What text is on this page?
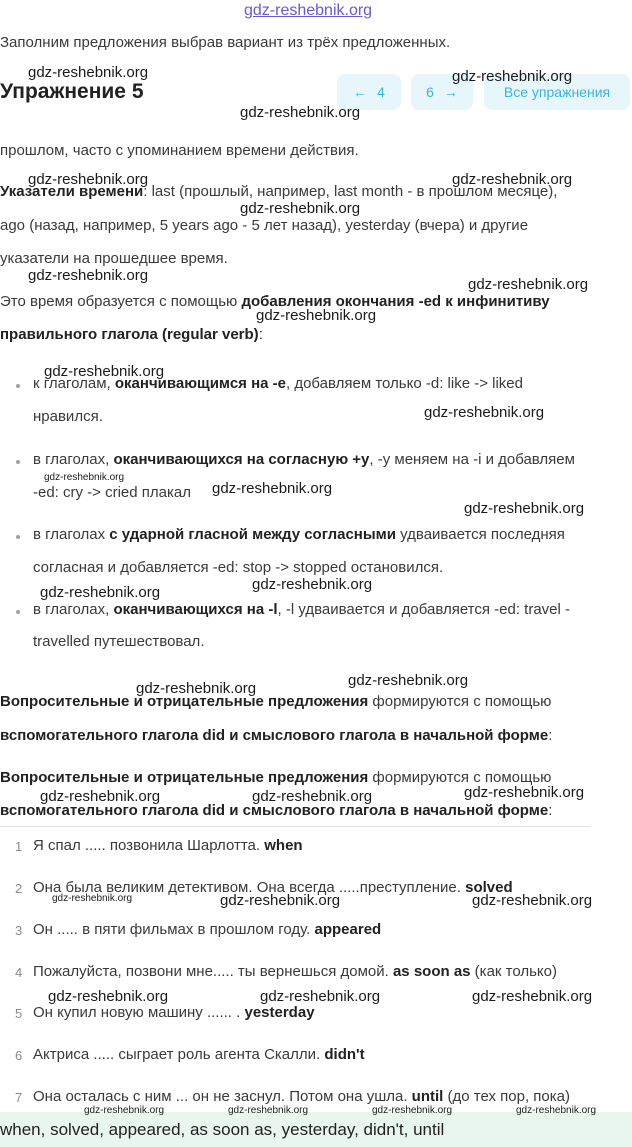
gdz-reshebnik.org
Заполним предложения выбрав вариант из трёх предложенных.
Упражнение 5	← 4	6 →	Все упражнения
прошлом, часто с упоминанием времени действия.
Указатели времени: last (прошлый, например, last month - в прошлом месяце),
ago (назад, например, 5 years ago - 5 лет назад), yesterday (вчера) и другие
указатели на прошедшее время.
Это время образуется с помощью добавления окончания -ed к инфинитиву
правильного глагола (regular verb):
к глаголам, оканчивающимся на -e, добавляем только -d: like -> liked
нравился.
в глаголах, оканчивающихся на согласную +y, -y меняем на -i и добавляем
-ed: cry -> cried плакал
в глаголах с ударной гласной между согласными удваивается последняя
согласная и добавляется -ed: stop -> stopped остановился.
в глаголах, оканчивающихся на -l, -l удваивается и добавляется -ed: travel -
travelled путешествовал.
Вопросительные и отрицательные предложения формируются с помощью
вспомогательного глагола did и смыслового глагола в начальной форме:
Вопросительные и отрицательные предложения формируются с помощью
вспомогательного глагола did и смыслового глагола в начальной форме:
1 Я спал ..... позвонила Шарлотта. when
2 Она была великим детективом. Она всегда .....преступление. solved
3 Он ..... в пяти фильмах в прошлом году. appeared
4 Пожалуйста, позвони мне..... ты вернешься домой. as soon as (как только)
5 Он купил новую машину ...... . yesterday
6 Актриса ..... сыграет роль агента Скалли. didn't
7 Она осталась с ним ... он не заснул. Потом она ушла. until (до тех пор, пока)
when, solved, appeared, as soon as, yesterday, didn't, until
gdz-reshebnik.org	gdz-reshebnik.org
gdz-reshebnik.org
gdz-reshebnik.org	gdz-reshebnik.org
gdz-reshebnik.org
gdz-reshebnik.org
gdz-reshebnik.org
gdz-reshebnik.org
gdz-reshebnik.org
gdz-reshebnik.org
gdz-reshebnik.org
gdz-reshebnik.org
gdz-reshebnik.org
gdz-reshebnik.org
gdz-reshebnik.org
gdz-reshebnik.org
gdz-reshebnik.org
gdz-reshebnik.org
gdz-reshebnik.org	gdz-reshebnik.org
gdz-reshebnik.org	gdz-reshebnik.org	gdz-reshebnik.org
gdz-reshebnik.org	gdz-reshebnik.org	gdz-reshebnik.org
gdz-reshebnik.org	gdz-reshebnik.org	gdz-reshebnik.org	gdz-reshebnik.org
